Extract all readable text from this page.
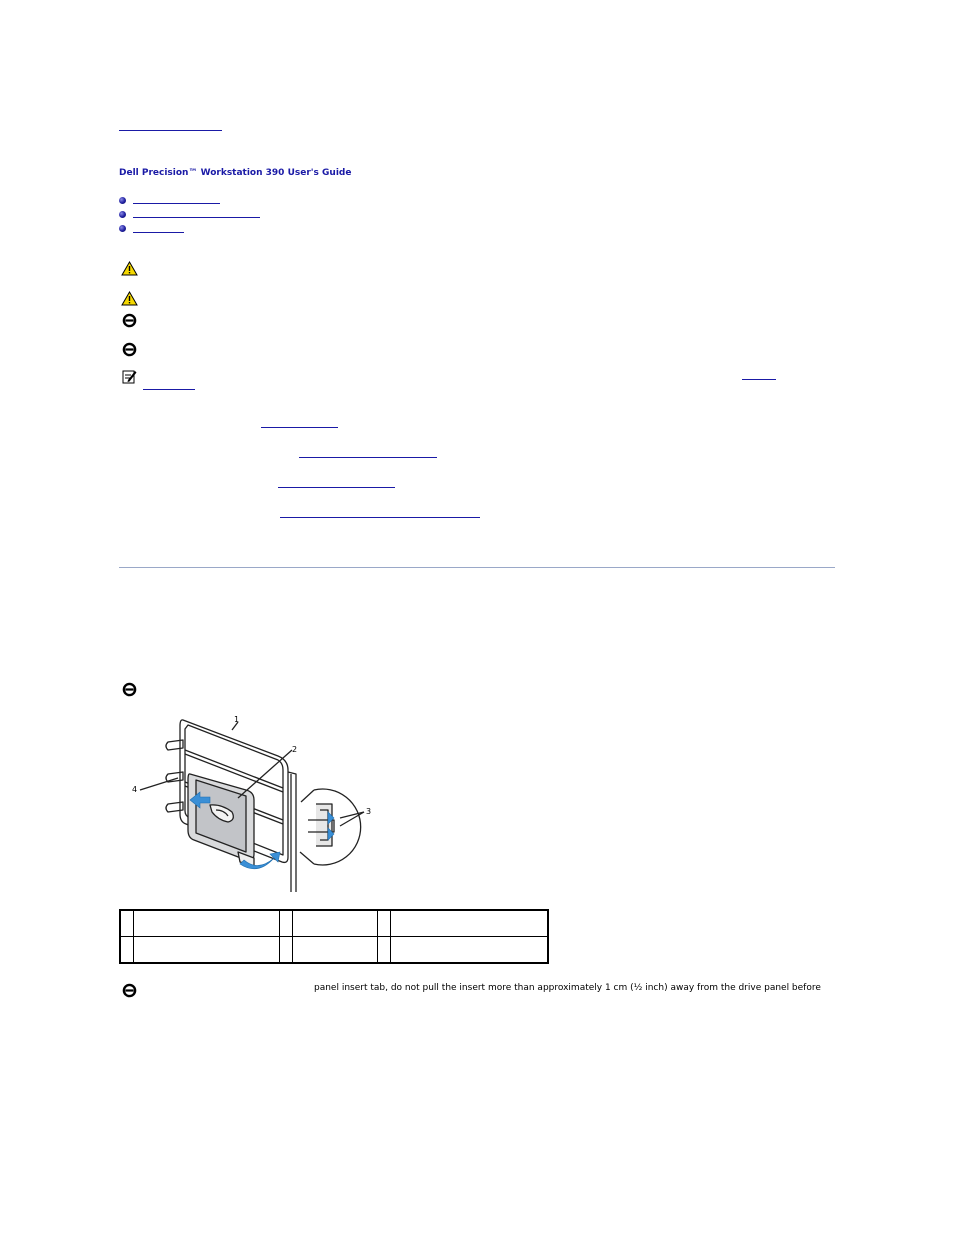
Dell Precision™ Workstation 390 User's Guide
1
2
3
4

panel insert tab, do not pull the insert more than approximately 1 cm (½ inch) away from the drive panel before
